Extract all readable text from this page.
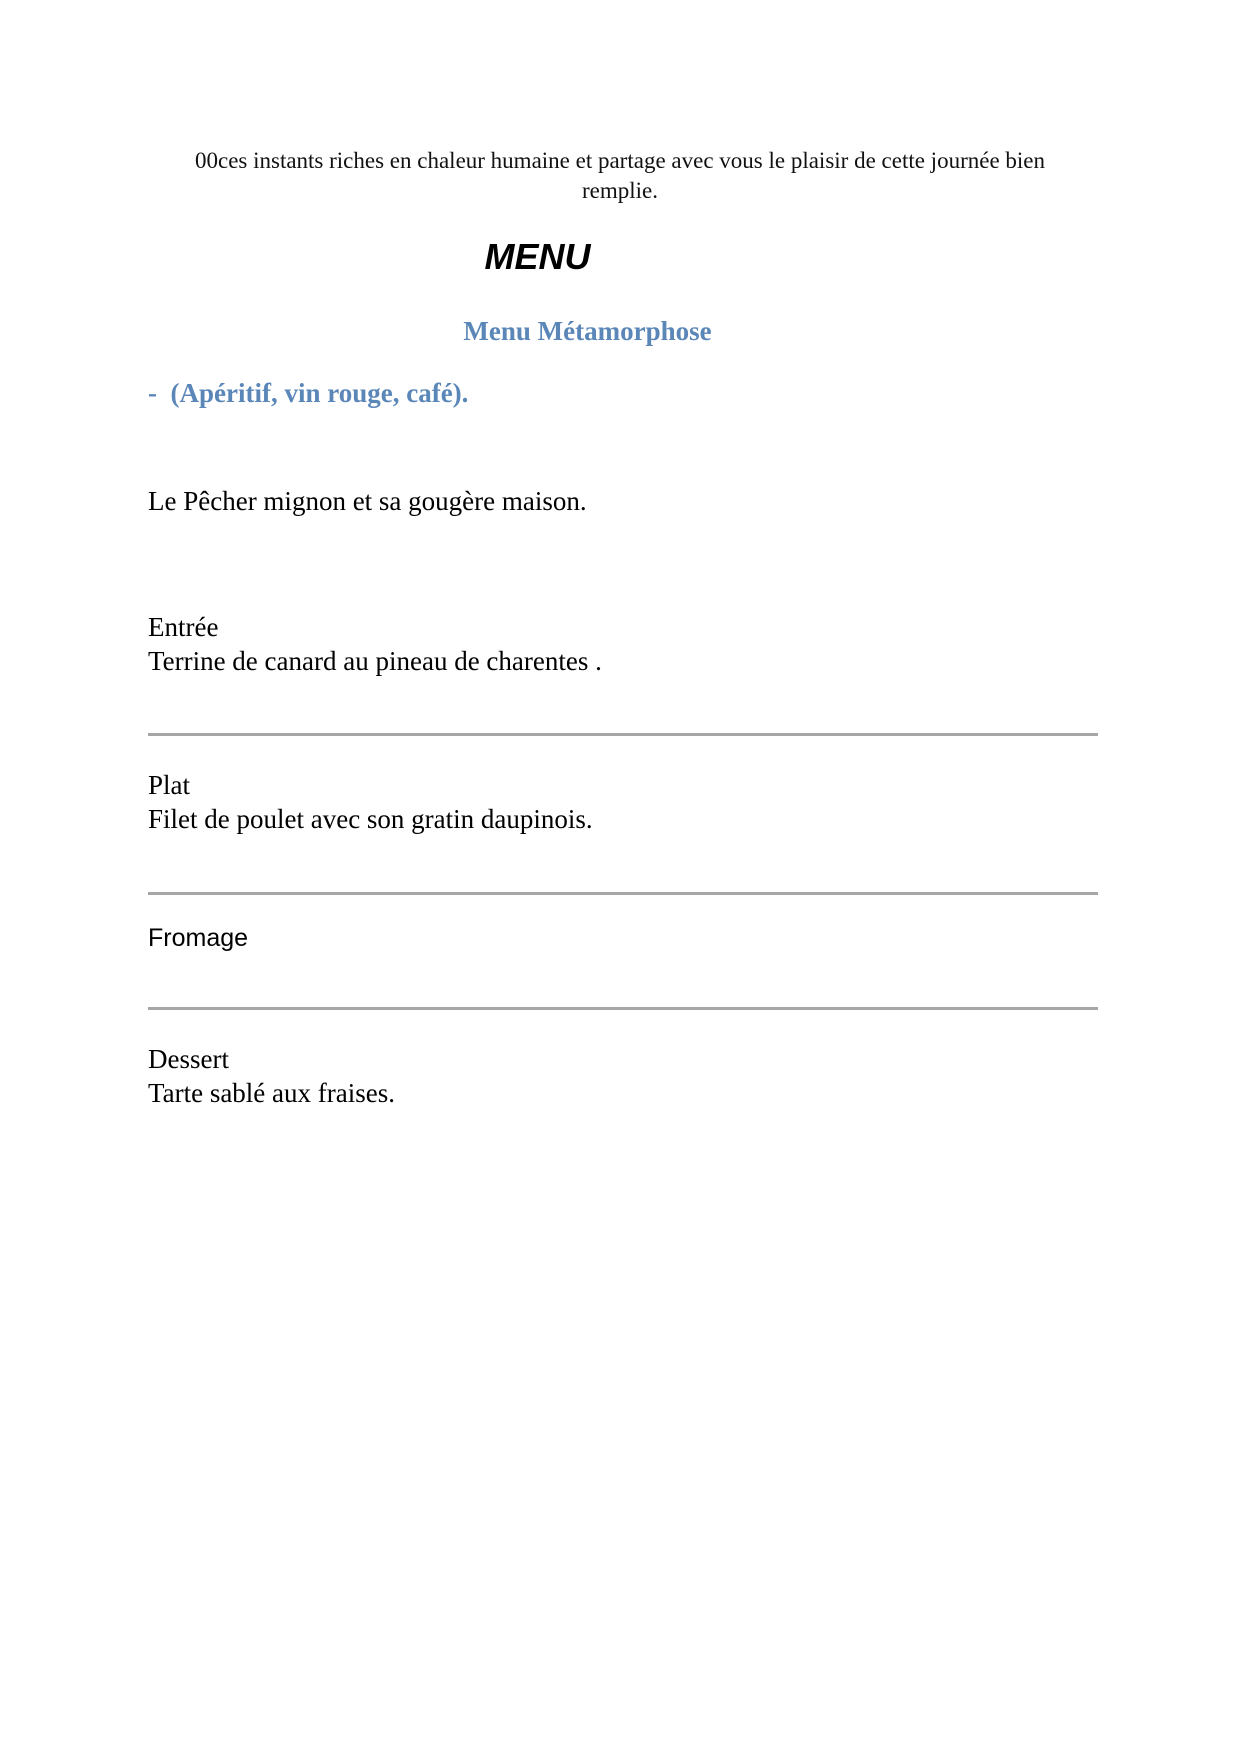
00ces instants riches en chaleur humaine et partage avec vous le plaisir de cette journée bien
remplie.
MENU
Menu Métamorphose
-  (Apéritif, vin rouge, café).
Le Pêcher mignon et sa gougère maison.
Entrée
Terrine de canard au pineau de charentes .
Plat
Filet de poulet avec son gratin daupinois.
Fromage
Dessert
Tarte sablé aux fraises.
